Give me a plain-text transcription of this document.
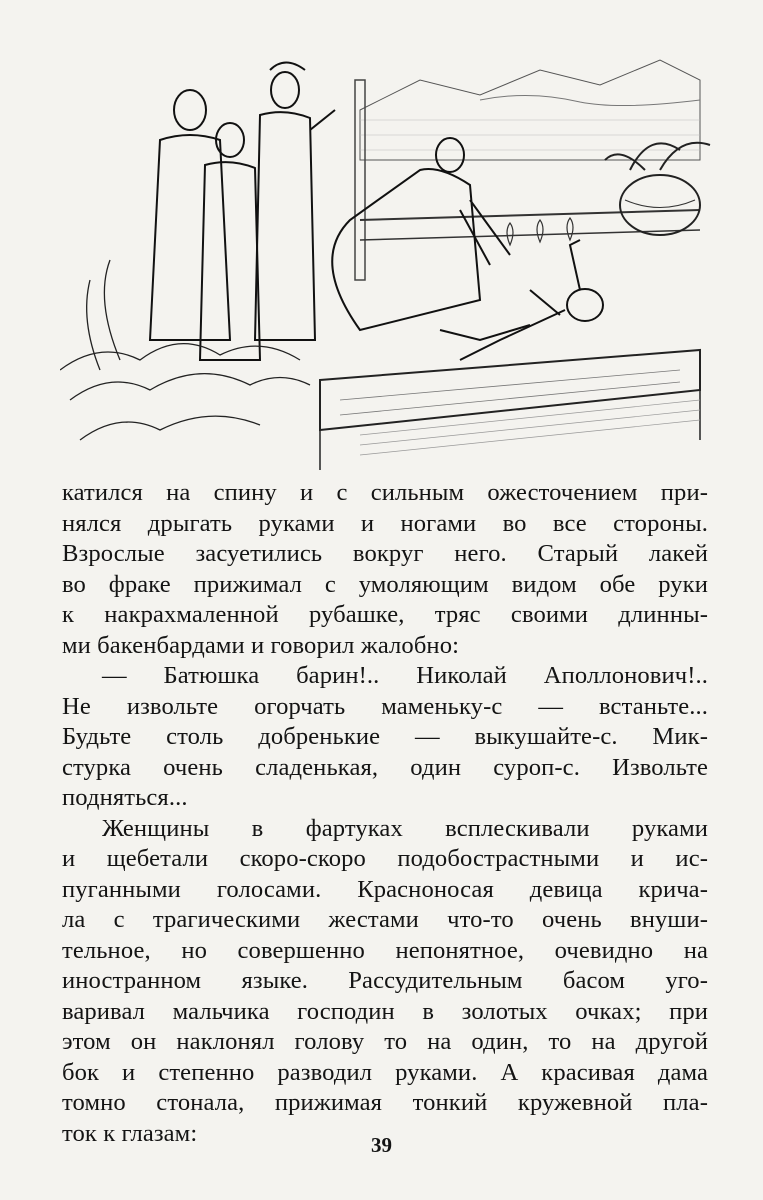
катился на спину и с сильным ожесточением при-
нялся дрыгать руками и ногами во все стороны.
Взрослые засуетились вокруг него. Старый лакей
во фраке прижимал с умоляющим видом обе руки
к накрахмаленной рубашке, тряс своими длинны-
ми бакенбардами и говорил жалобно:

— Батюшка барин!.. Николай Аполлонович!..
Не извольте огорчать маменьку-с — встаньте...
Будьте столь добренькие — выкушайте-с. Мик-
стурка очень сладенькая, один суроп-с. Извольте
подняться...

Женщины в фартуках всплескивали руками
и щебетали скоро-скоро подобострастными и ис-
пуганными голосами. Красноносая девица крича-
ла с трагическими жестами что-то очень внуши-
тельное, но совершенно непонятное, очевидно на
иностранном языке. Рассудительным басом уго-
варивал мальчика господин в золотых очках; при
этом он наклонял голову то на один, то на другой
бок и степенно разводил руками. А красивая дама
томно стонала, прижимая тонкий кружевной пла-
ток к глазам:	39
